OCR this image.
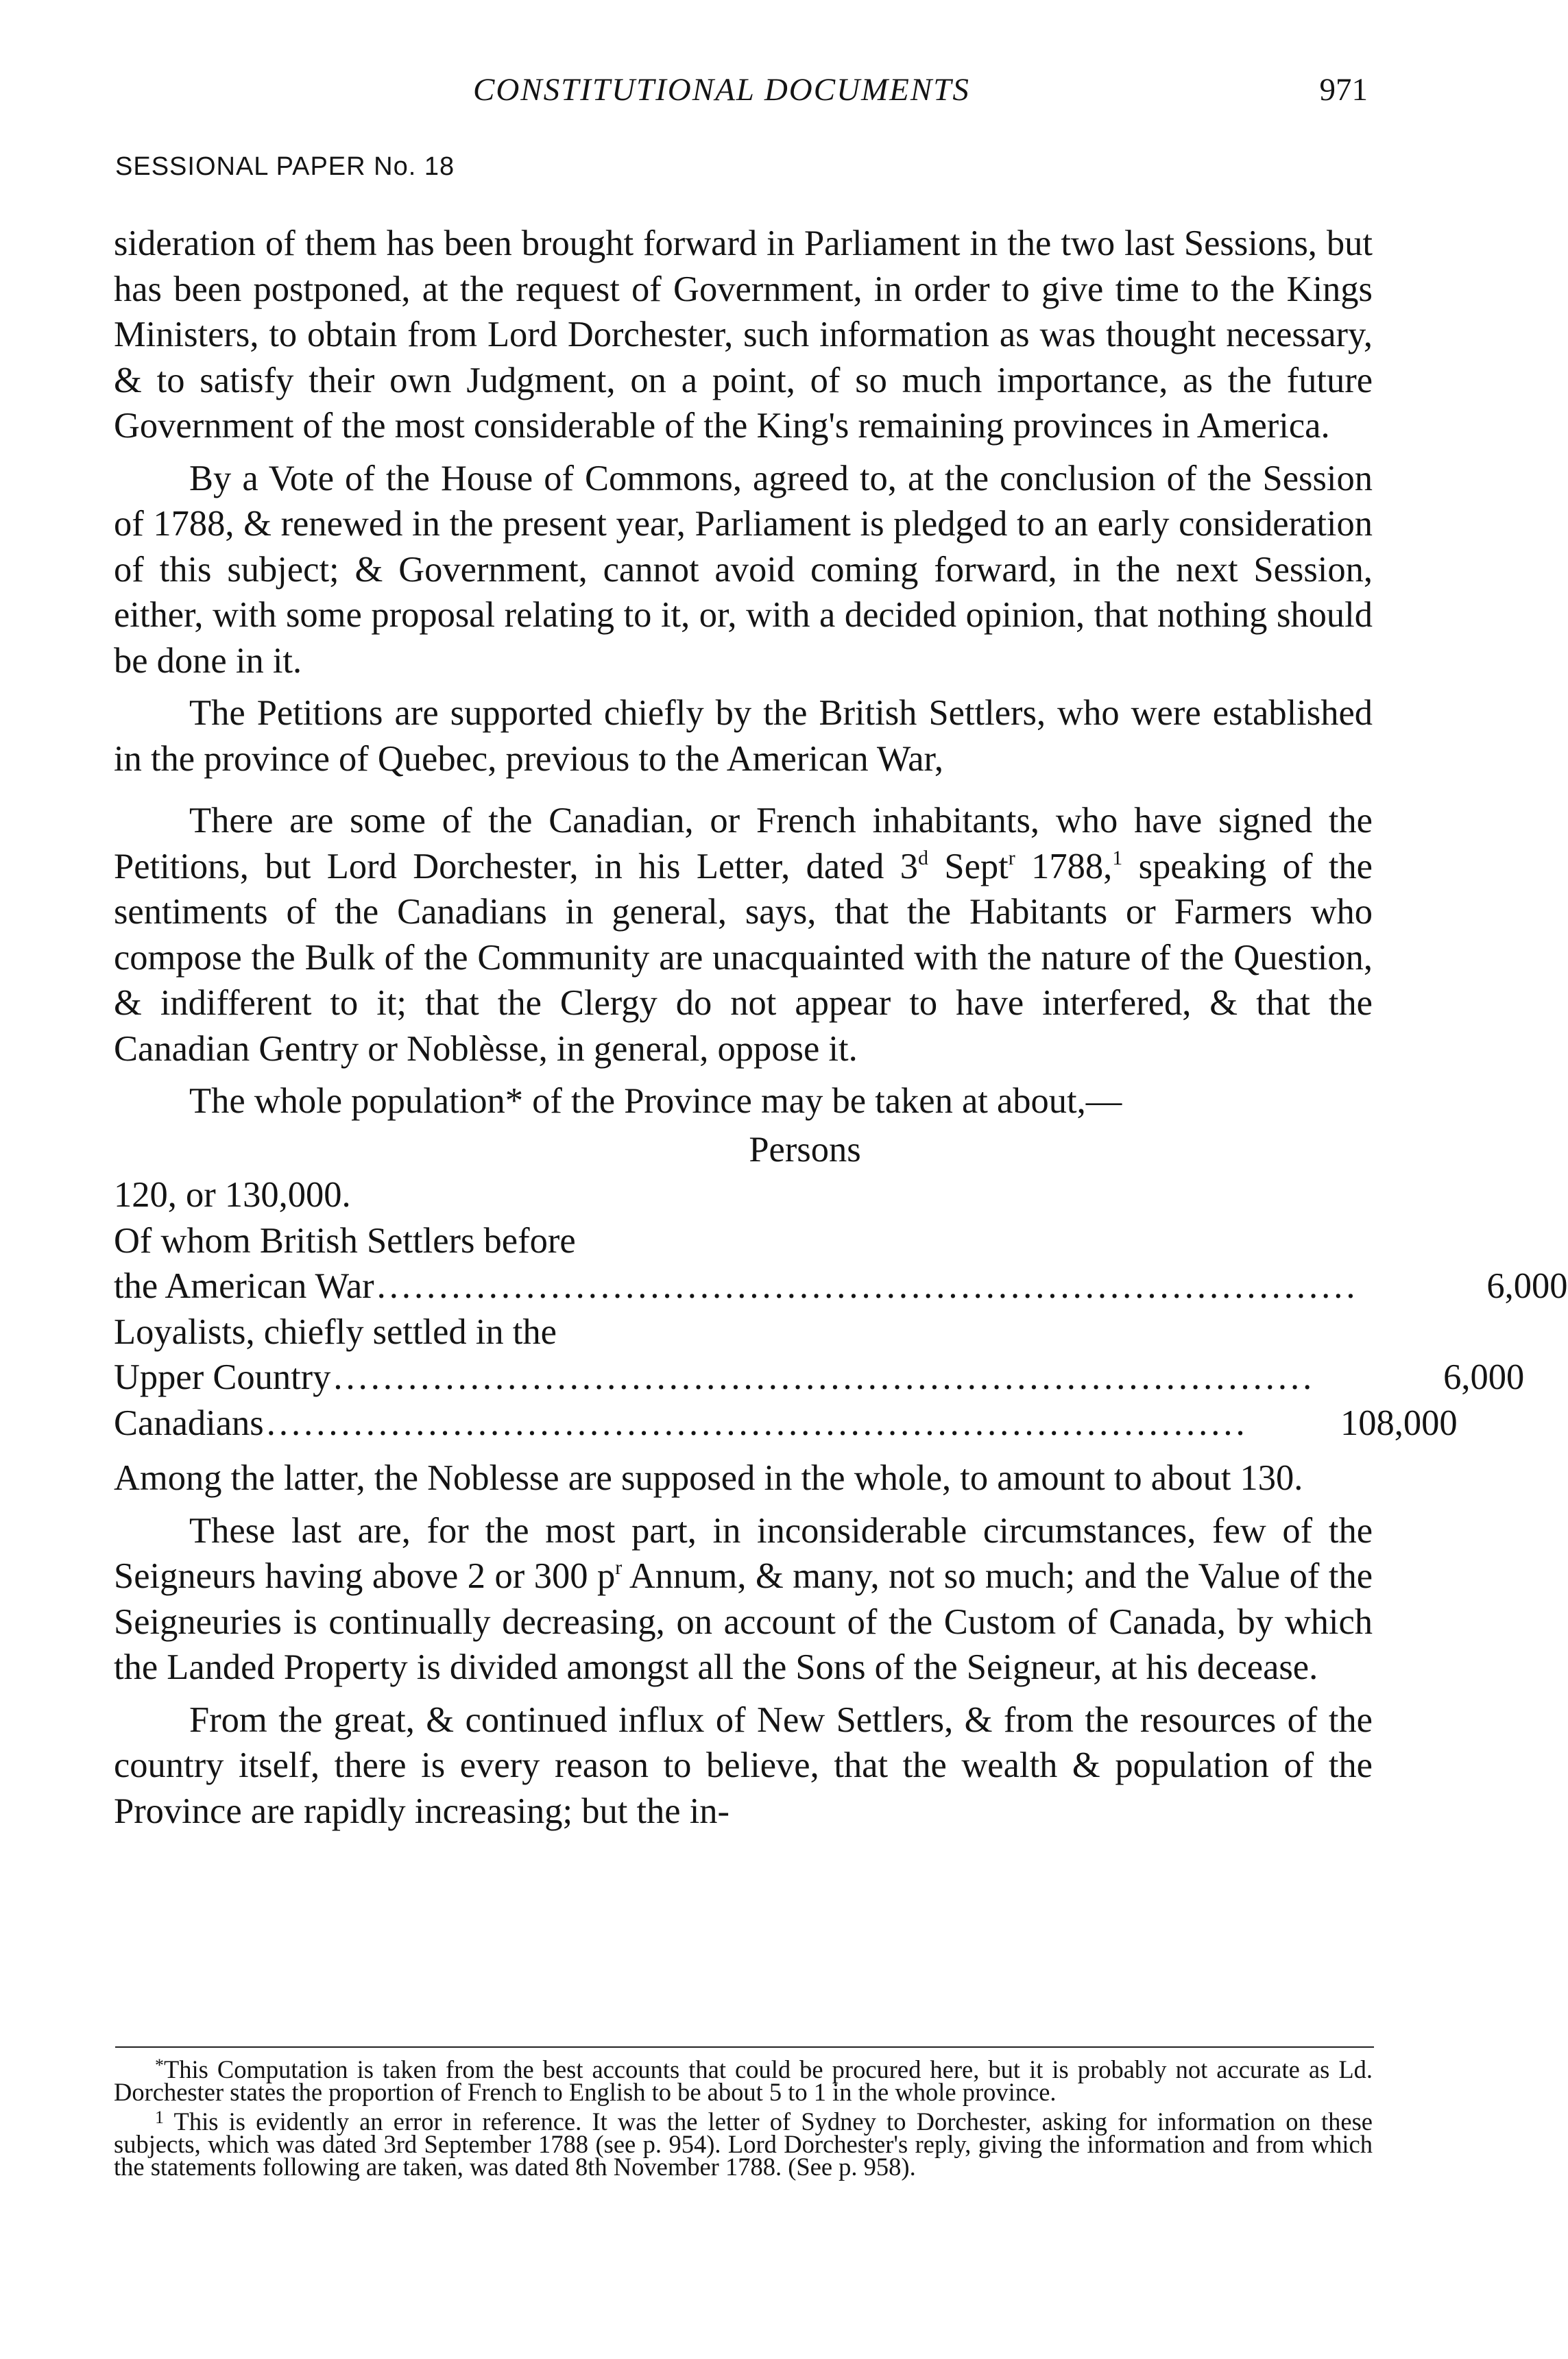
CONSTITUTIONAL DOCUMENTS	971
SESSIONAL PAPER No. 18

sideration of them has been brought forward in Parliament in the two last Sessions, but has been postponed, at the request of Government, in order to give time to the Kings Ministers, to obtain from Lord Dorchester, such information as was thought necessary, & to satisfy their own Judgment, on a point, of so much importance, as the future Government of the most considerable of the King's remaining provinces in America.

By a Vote of the House of Commons, agreed to, at the conclusion of the Session of 1788, & renewed in the present year, Parliament is pledged to an early consideration of this subject; & Government, cannot avoid coming forward, in the next Session, either, with some proposal relating to it, or, with a decided opinion, that nothing should be done in it.

The Petitions are supported chiefly by the British Settlers, who were established in the province of Quebec, previous to the American War,

There are some of the Canadian, or French inhabitants, who have signed the Petitions, but Lord Dorchester, in his Letter, dated 3$^d$ Sept$^r$ 1788,$^1$ speaking of the sentiments of the Canadians in general, says, that the Habitants or Farmers who compose the Bulk of the Community are unacquainted with the nature of the Question, & indifferent to it; that the Clergy do not appear to have interfered, & that the Canadian Gentry or Noblèsse, in general, oppose it.

The whole population* of the Province may be taken at about,—

Persons
120, or 130,000.
Of whom British Settlers before
the American War ...............................................................................	6,000
Loyalists, chiefly settled in the
Upper Country ...............................................................................	6,000
Canadians ...............................................................................	108,000

Among the latter, the Noblesse are supposed in the whole, to amount to about 130.

These last are, for the most part, in inconsiderable circumstances, few of the Seigneurs having above 2 or 300 $p^r$ Annum, & many, not so much; and the Value of the Seigneuries is continually decreasing, on account of the Custom of Canada, by which the Landed Property is divided amongst all the Sons of the Seigneur, at his decease.

From the great, & continued influx of New Settlers, & from the resources of the country itself, there is every reason to believe, that the wealth & population of the Province are rapidly increasing; but the in-

*This Computation is taken from the best accounts that could be procured here, but it is probably not accurate as Ld. Dorchester states the proportion of French to English to be about 5 to 1 in the whole province.

$^1$ This is evidently an error in reference. It was the letter of Sydney to Dorchester, asking for information on these subjects, which was dated 3rd September 1788 (see p. 954). Lord Dorchester's reply, giving the information and from which the statements following are taken, was dated 8th November 1788. (See p. 958).
